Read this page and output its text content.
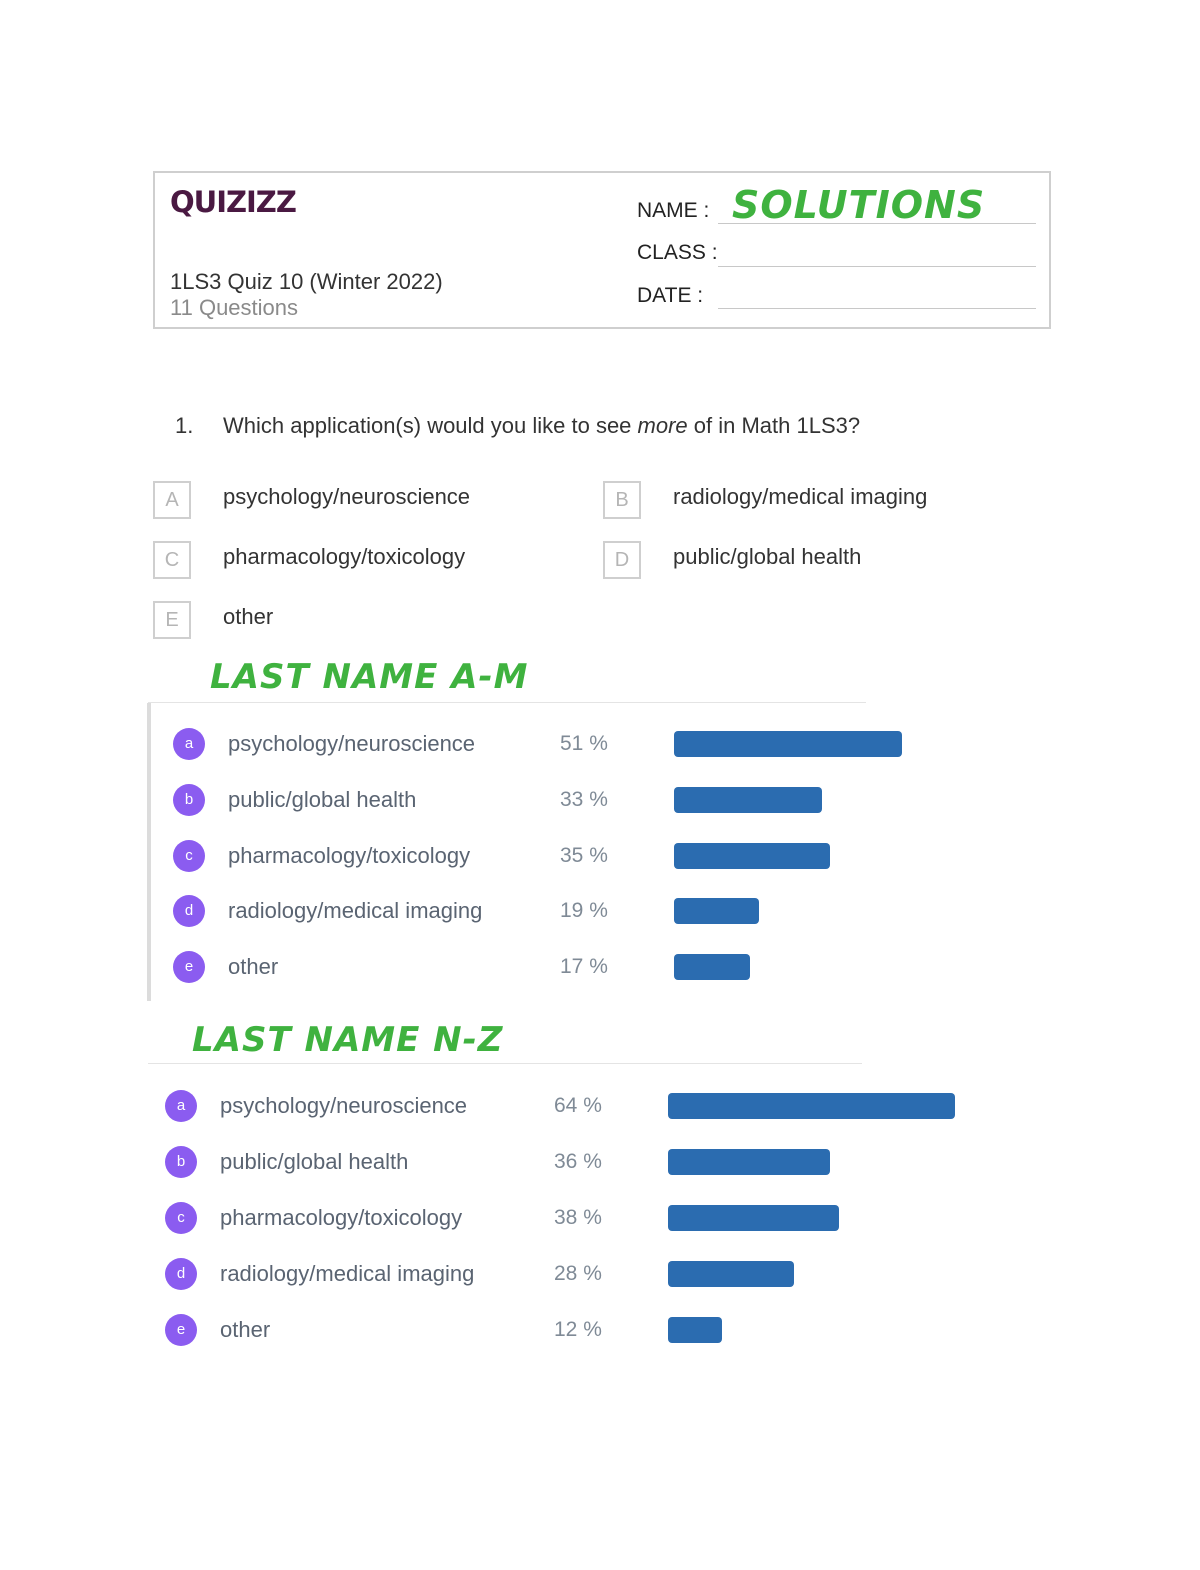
QUIZIZZ
1LS3 Quiz 10 (Winter 2022)
11 Questions
NAME : SOLUTIONS
CLASS :
DATE :
1. Which application(s) would you like to see more of in Math 1LS3?
A	psychology/neuroscience	B	radiology/medical imaging
C	pharmacology/toxicology	D	public/global health
E	other
LAST NAME A-M
a	psychology/neuroscience	51 %
b	public/global health	33 %
c	pharmacology/toxicology	35 %
d	radiology/medical imaging	19 %
e	other	17 %
LAST NAME N-Z
a	psychology/neuroscience	64 %
b	public/global health	36 %
c	pharmacology/toxicology	38 %
d	radiology/medical imaging	28 %
e	other	12 %
